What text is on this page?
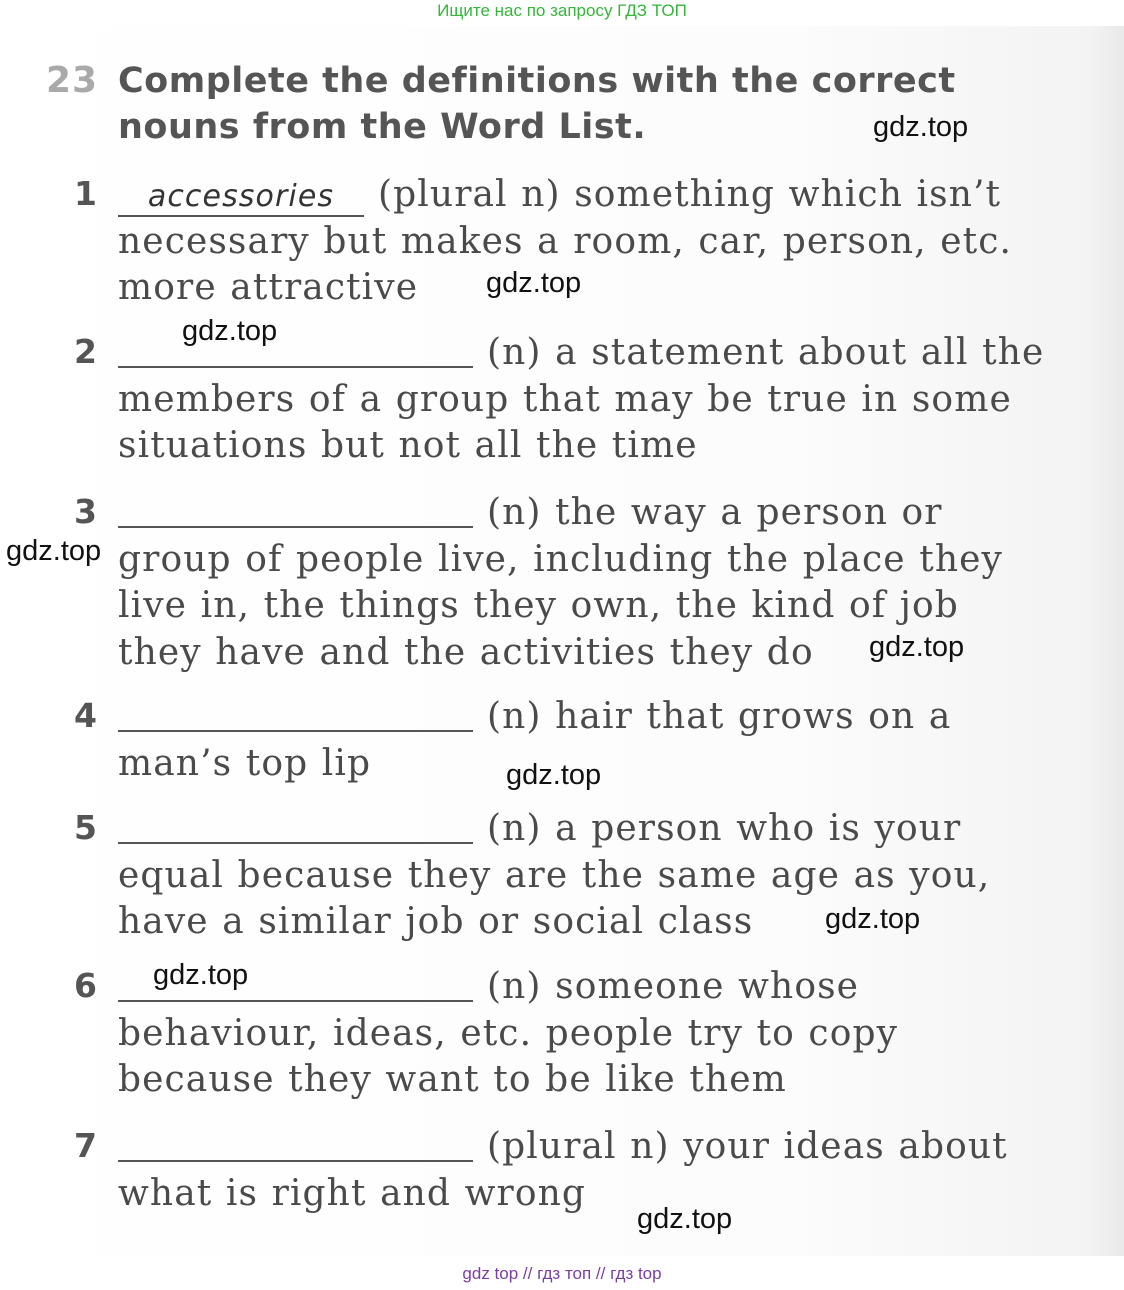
Ищите нас по запросу ГДЗ ТОП
23 Complete the definitions with the correct
nouns from the Word List.
1	accessories (plural n) something which isn’t necessary but makes a room, car, person, etc. more attractive
2	(n) a statement about all the members of a group that may be true in some situations but not all the time
3	(n) the way a person or group of people live, including the place they live in, the things they own, the kind of job they have and the activities they do
4	(n) hair that grows on a man’s top lip
5	(n) a person who is your equal because they are the same age as you, have a similar job or social class
6	(n) someone whose behaviour, ideas, etc. people try to copy because they want to be like them
7	(plural n) your ideas about what is right and wrong
gdz.top
gdz.top
gdz.top
gdz.top
gdz.top
gdz.top
gdz.top
gdz.top
gdz.top
gdz top // гдз топ // гдз top
